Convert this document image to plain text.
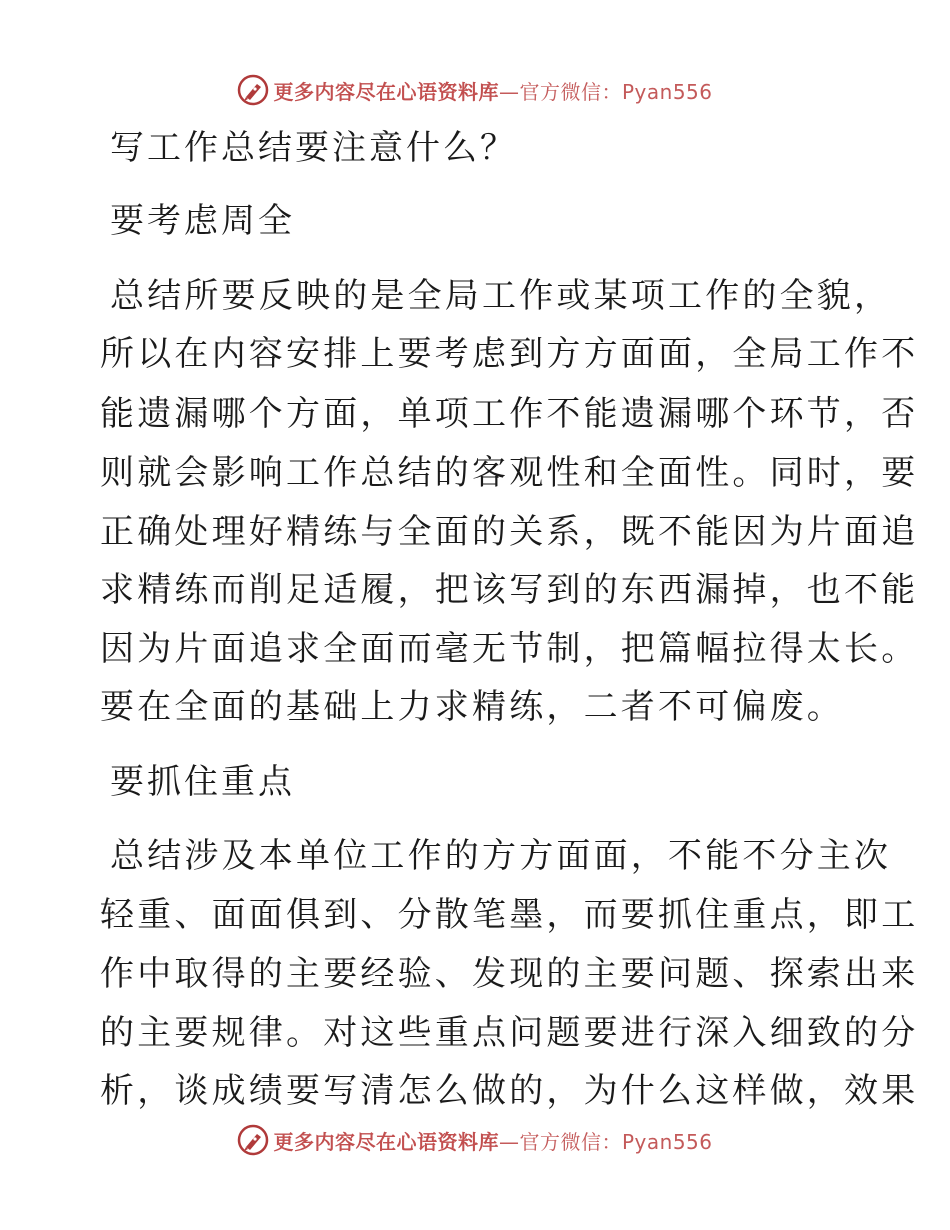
更多内容尽在心语资料库—官方微信：Pyan556
写工作总结要注意什么？
要考虑周全
总结所要反映的是全局工作或某项工作的全貌，
所以在内容安排上要考虑到方方面面，全局工作不
能遗漏哪个方面，单项工作不能遗漏哪个环节，否
则就会影响工作总结的客观性和全面性。同时，要
正确处理好精练与全面的关系，既不能因为片面追
求精练而削足适履，把该写到的东西漏掉，也不能
因为片面追求全面而毫无节制，把篇幅拉得太长。
要在全面的基础上力求精练，二者不可偏废。
要抓住重点
总结涉及本单位工作的方方面面，不能不分主次
轻重、面面俱到、分散笔墨，而要抓住重点，即工
作中取得的主要经验、发现的主要问题、探索出来
的主要规律。对这些重点问题要进行深入细致的分
析，谈成绩要写清怎么做的，为什么这样做，效果
更多内容尽在心语资料库—官方微信：Pyan556
